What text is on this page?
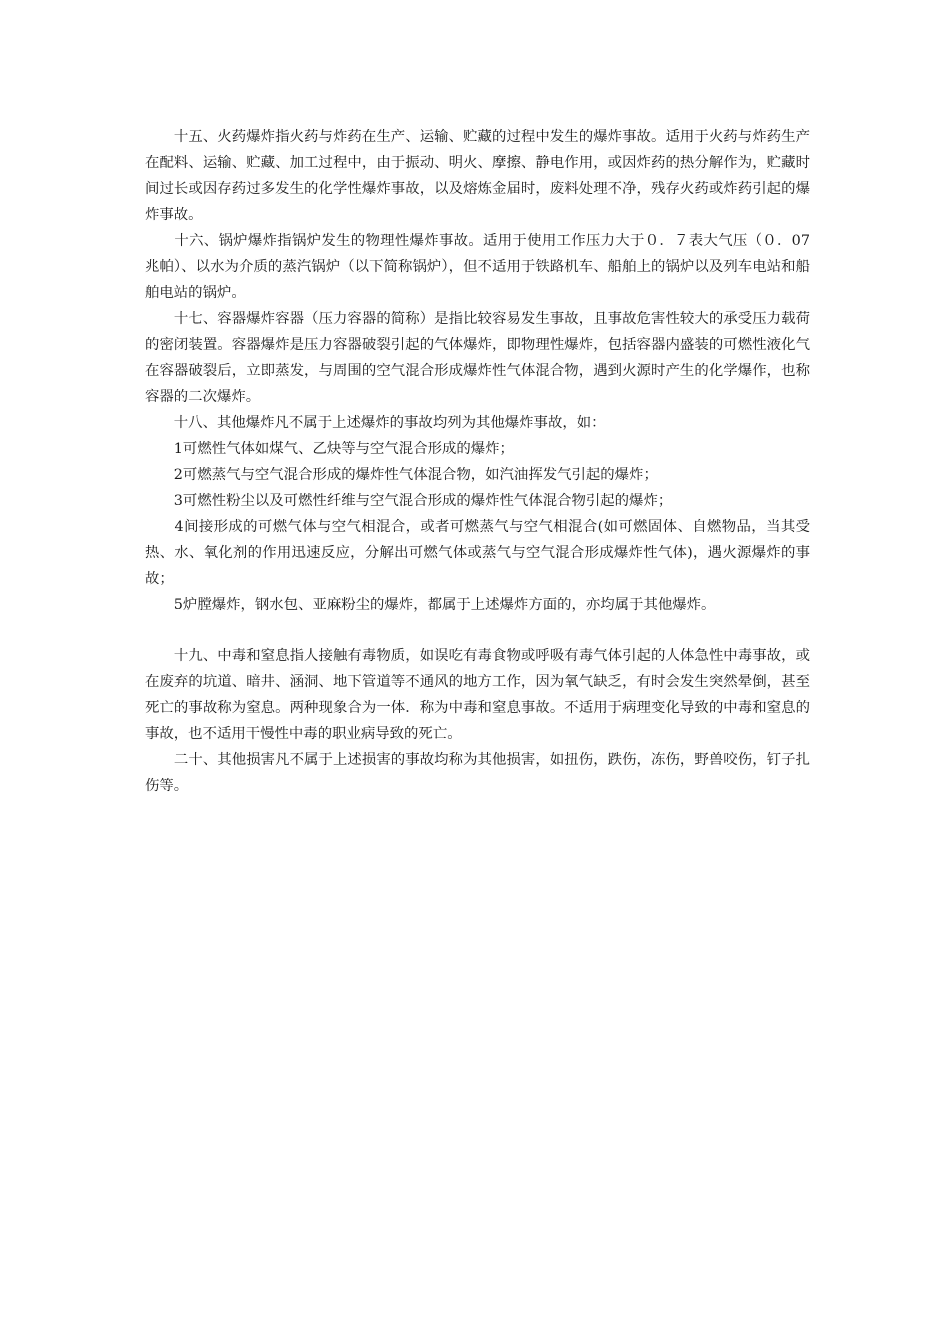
　　十五、火药爆炸指火药与炸药在生产、运输、贮藏的过程中发生的爆炸事故。适用于火药与炸药生产在配料、运输、贮藏、加工过程中，由于振动、明火、摩擦、静电作用，或因炸药的热分解作为，贮藏时间过长或因存药过多发生的化学性爆炸事故，以及熔炼金届时，废料处理不净，残存火药或炸药引起的爆炸事故。

　　十六、锅炉爆炸指锅炉发生的物理性爆炸事故。适用于使用工作压力大于０．７表大气压（０．07兆帕）、以水为介质的蒸汽锅炉（以下简称锅炉），但不适用于铁路机车、船舶上的锅炉以及列车电站和船舶电站的锅炉。

　　十七、容器爆炸容器（压力容器的简称）是指比较容易发生事故，且事故危害性较大的承受压力载荷的密闭装置。容器爆炸是压力容器破裂引起的气体爆炸，即物理性爆炸，包括容器内盛装的可燃性液化气在容器破裂后，立即蒸发，与周围的空气混合形成爆炸性气体混合物，遇到火源时产生的化学爆作，也称容器的二次爆炸。

　　十八、其他爆炸凡不属于上述爆炸的事故均列为其他爆炸事故，如：

　　1可燃性气体如煤气、乙炔等与空气混合形成的爆炸；

　　2可燃蒸气与空气混合形成的爆炸性气体混合物，如汽油挥发气引起的爆炸；

　　3可燃性粉尘以及可燃性纤维与空气混合形成的爆炸性气体混合物引起的爆炸；

　　4间接形成的可燃气体与空气相混合，或者可燃蒸气与空气相混合(如可燃固体、自燃物品，当其受热、水、氧化剂的作用迅速反应，分解出可燃气体或蒸气与空气混合形成爆炸性气体)，遇火源爆炸的事故；

　　5炉膛爆炸，钢水包、亚麻粉尘的爆炸，都属于上述爆炸方面的，亦均属于其他爆炸。

　　十九、中毒和窒息指人接触有毒物质，如误吃有毒食物或呼吸有毒气体引起的人体急性中毒事故，或在废弃的坑道、暗井、涵洞、地下管道等不通风的地方工作，因为氧气缺乏，有时会发生突然晕倒，甚至死亡的事故称为窒息。两种现象合为一体．称为中毒和窒息事故。不适用于病理变化导致的中毒和窒息的事故，也不适用干慢性中毒的职业病导致的死亡。

　　二十、其他损害凡不属于上述损害的事故均称为其他损害，如扭伤，跌伤，冻伤，野兽咬伤，钉子扎伤等。
